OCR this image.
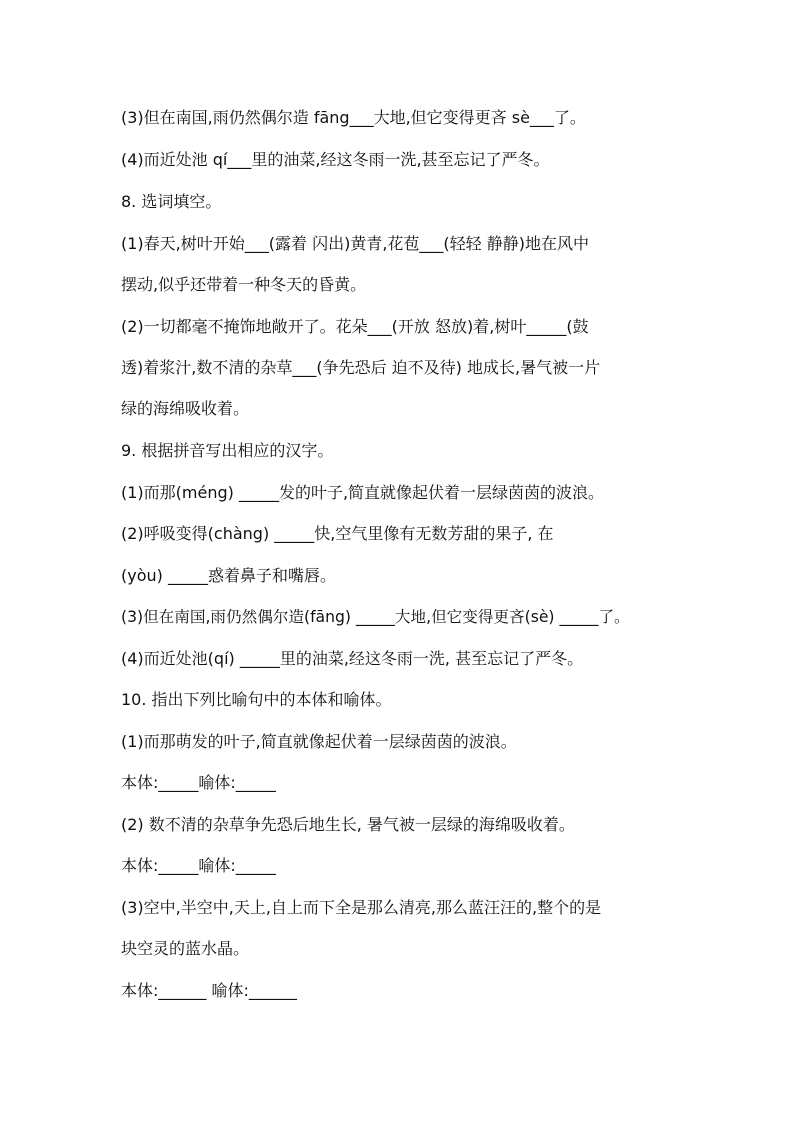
(3)但在南国,雨仍然偶尔造 fāng___大地,但它变得更吝 sè___了。
(4)而近处池 qí___里的油菜,经这冬雨一洗,甚至忘记了严冬。
8. 选词填空。
(1)春天,树叶开始___(露着 闪出)黄青,花苞___(轻轻 静静)地在风中
摆动,似乎还带着一种冬天的昏黄。
(2)一切都毫不掩饰地敞开了。花朵___(开放 怒放)着,树叶_____(鼓
透)着浆汁,数不清的杂草___(争先恐后 迫不及待) 地成长,暑气被一片
绿的海绵吸收着。
9. 根据拼音写出相应的汉字。
(1)而那(méng) _____发的叶子,简直就像起伏着一层绿茵茵的波浪。
(2)呼吸变得(chàng) _____快,空气里像有无数芳甜的果子, 在
(yòu) _____惑着鼻子和嘴唇。
(3)但在南国,雨仍然偶尔造(fāng) _____大地,但它变得更吝(sè) _____了。
(4)而近处池(qí) _____里的油菜,经这冬雨一洗, 甚至忘记了严冬。
10. 指出下列比喻句中的本体和喻体。
(1)而那萌发的叶子,简直就像起伏着一层绿茵茵的波浪。
本体:_____喻体:_____
(2) 数不清的杂草争先恐后地生长, 暑气被一层绿的海绵吸收着。
本体:_____喻体:_____
(3)空中,半空中,天上,自上而下全是那么清亮,那么蓝汪汪的,整个的是
块空灵的蓝水晶。
本体:______ 喻体:______
